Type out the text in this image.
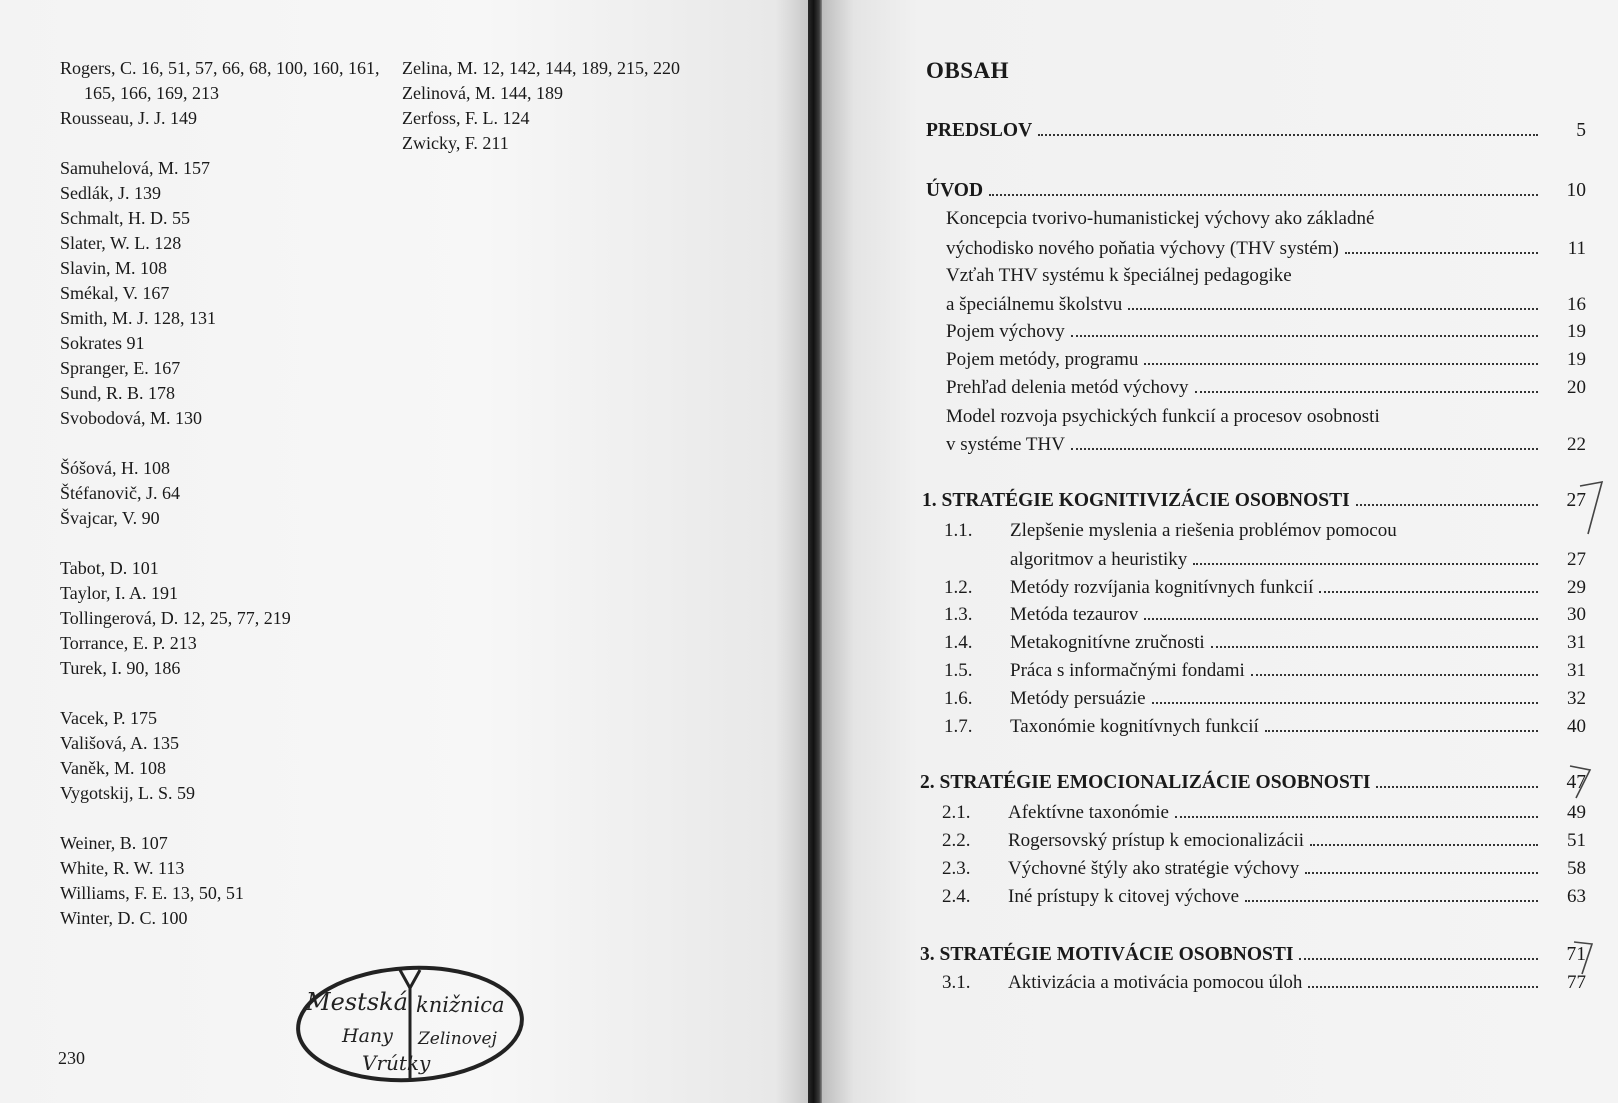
Rogers, C. 16, 51, 57, 66, 68, 100, 160, 161, 165, 166, 169, 213
Rousseau, J. J. 149
Samuhelová, M. 157
Sedlák, J. 139
Schmalt, H. D. 55
Slater, W. L. 128
Slavin, M. 108
Smékal, V. 167
Smith, M. J. 128, 131
Sokrates 91
Spranger, E. 167
Sund, R. B. 178
Svobodová, M. 130
Šóšová, H. 108
Štéfanovič, J. 64
Švajcar, V. 90
Tabot, D. 101
Taylor, I. A. 191
Tollingerová, D. 12, 25, 77, 219
Torrance, E. P. 213
Turek, I. 90, 186
Vacek, P. 175
Vališová, A. 135
Vaněk, M. 108
Vygotskij, L. S. 59
Weiner, B. 107
White, R. W. 113
Williams, F. E. 13, 50, 51
Winter, D. C. 100
Zelina, M. 12, 142, 144, 189, 215, 220
Zelinová, M. 144, 189
Zerfoss, F. L. 124
Zwicky, F. 211
230
Mestská knižnica
Hany Zelinovej
Vrútky
OBSAH
PREDSLOV	5
ÚVOD	10
Koncepcia tvorivo-humanistickej výchovy ako základné
východisko nového poňatia výchovy (THV systém)	11
Vzťah THV systému k špeciálnej pedagogike
a špeciálnemu školstvu	16
Pojem výchovy	19
Pojem metódy, programu	19
Prehľad delenia metód výchovy	20
Model rozvoja psychických funkcií a procesov osobnosti
v systéme THV	22
1. STRATÉGIE KOGNITIVIZÁCIE OSOBNOSTI	27
1.1. Zlepšenie myslenia a riešenia problémov pomocou
algoritmov a heuristiky	27
1.2.	Metódy rozvíjania kognitívnych funkcií	29
1.3.	Metóda tezaurov	30
1.4.	Metakognitívne zručnosti	31
1.5.	Práca s informačnými fondami	31
1.6.	Metódy persuázie	32
1.7.	Taxonómie kognitívnych funkcií	40
2. STRATÉGIE EMOCIONALIZÁCIE OSOBNOSTI	47
2.1.	Afektívne taxonómie	49
2.2.	Rogersovský prístup k emocionalizácii	51
2.3.	Výchovné štýly ako stratégie výchovy	58
2.4.	Iné prístupy k citovej výchove	63
3. STRATÉGIE MOTIVÁCIE OSOBNOSTI	71
3.1.	Aktivizácia a motivácia pomocou úloh	77
